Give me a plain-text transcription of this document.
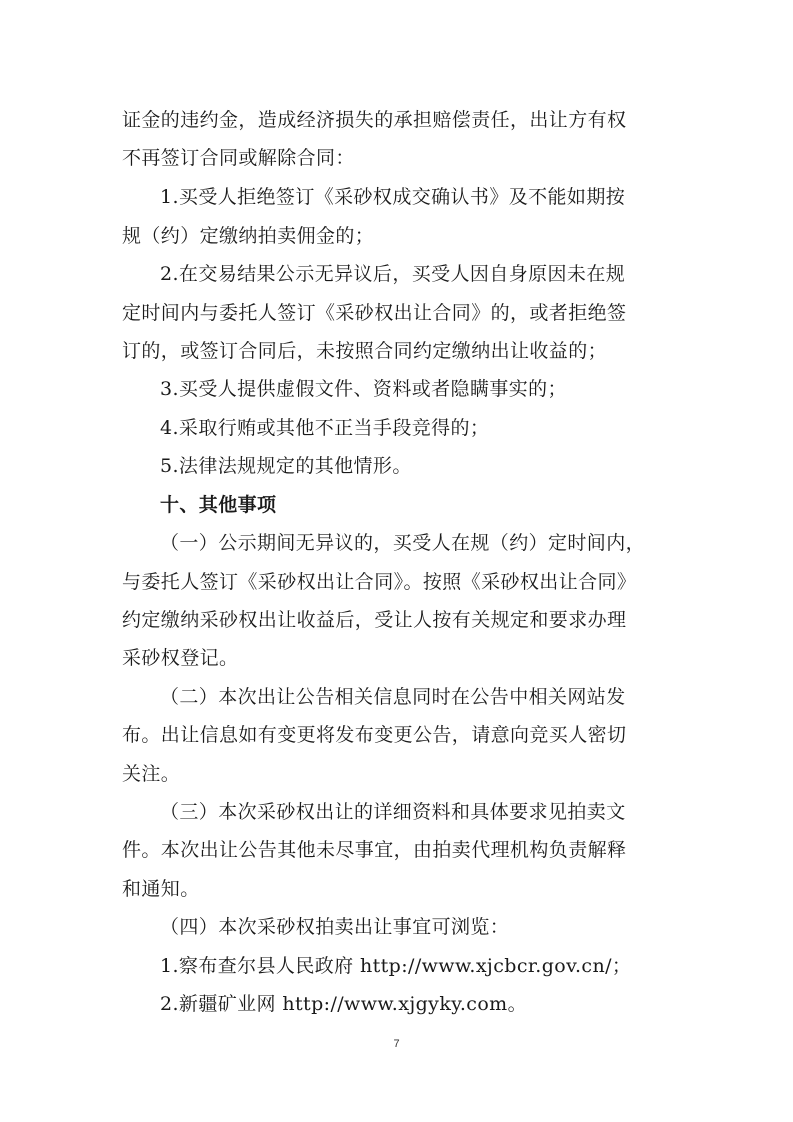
证金的违约金，造成经济损失的承担赔偿责任，出让方有权
不再签订合同或解除合同：
1.买受人拒绝签订《采砂权成交确认书》及不能如期按
规（约）定缴纳拍卖佣金的；
2.在交易结果公示无异议后，买受人因自身原因未在规
定时间内与委托人签订《采砂权出让合同》的，或者拒绝签
订的，或签订合同后，未按照合同约定缴纳出让收益的；
3.买受人提供虚假文件、资料或者隐瞒事实的；
4.采取行贿或其他不正当手段竞得的；
5.法律法规规定的其他情形。
十、其他事项
（一）公示期间无异议的，买受人在规（约）定时间内，
与委托人签订《采砂权出让合同》。按照《采砂权出让合同》
约定缴纳采砂权出让收益后，受让人按有关规定和要求办理
采砂权登记。
（二）本次出让公告相关信息同时在公告中相关网站发
布。出让信息如有变更将发布变更公告，请意向竞买人密切
关注。
（三）本次采砂权出让的详细资料和具体要求见拍卖文
件。本次出让公告其他未尽事宜，由拍卖代理机构负责解释
和通知。
（四）本次采砂权拍卖出让事宜可浏览：
1.察布查尔县人民政府 http://www.xjcbcr.gov.cn/；
2.新疆矿业网 http://www.xjgyky.com。
7
